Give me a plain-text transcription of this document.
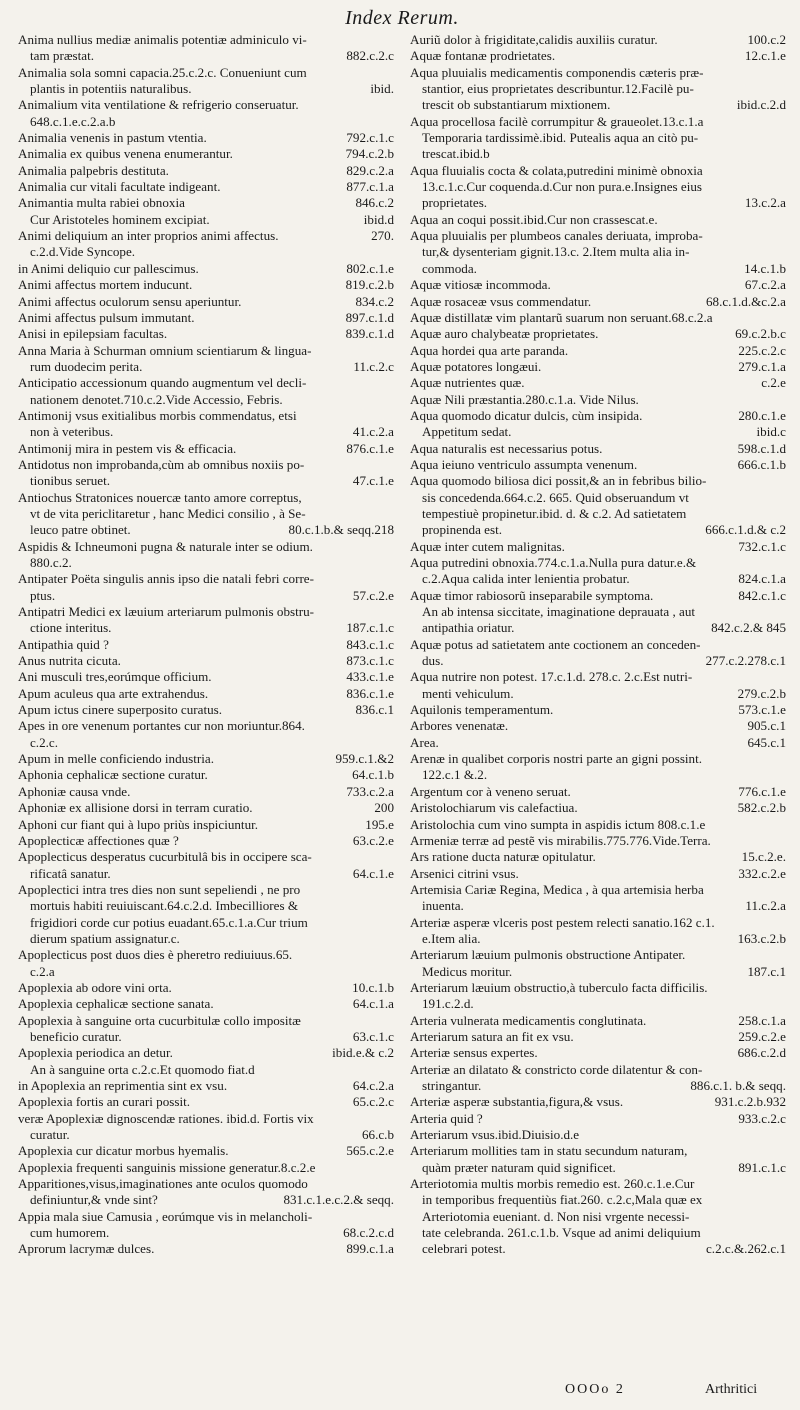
Index Rerum.
Anima nullius mediæ animalis potentiæ adminiculo vi-
tam præstat.	882.c.2.c
Animalia sola somni capacia.25.c.2.c. Conueniunt cum
plantis in potentiis naturalibus.	ibid.
Animalium vita ventilatione & refrigerio conseruatur.
648.c.1.e.c.2.a.b
Animalia venenis in pastum vtentia.	792.c.1.c
Animalia ex quibus venena enumerantur.	794.c.2.b
Animalia palpebris destituta.	829.c.2.a
Animalia cur vitali facultate indigeant.	877.c.1.a
Animantia multa rabiei obnoxia	846.c.2
Cur Aristoteles hominem excipiat.	ibid.d
Animi deliquium an inter proprios animi affectus.	270.
c.2.d.Vide Syncope.
in Animi deliquio cur pallescimus.	802.c.1.e
Animi affectus mortem inducunt.	819.c.2.b
Animi affectus oculorum sensu aperiuntur.	834.c.2
Animi affectus pulsum immutant.	897.c.1.d
Anisi in epilepsiam facultas.	839.c.1.d
Anna Maria à Schurman omnium scientiarum & lingua-
rum duodecim perita.	11.c.2.c
Anticipatio accessionum quando augmentum vel decli-
nationem denotet.710.c.2.Vide Accessio, Febris.
Antimonij vsus exitialibus morbis commendatus, etsi
non à veteribus.	41.c.2.a
Antimonij mira in pestem vis & efficacia.	876.c.1.e
Antidotus non improbanda,cùm ab omnibus noxiis po-
tionibus seruet.	47.c.1.e
Antiochus Stratonices nouercæ tanto amore correptus,
vt de vita periclitaretur , hanc Medici consilio , à Se-
leuco patre obtinet.	80.c.1.b.& seqq.218
Aspidis & Ichneumoni pugna & naturale inter se odium.
880.c.2.
Antipater Poëta singulis annis ipso die natali febri corre-
ptus.	57.c.2.e
Antipatri Medici ex læuium arteriarum pulmonis obstru-
ctione interitus.	187.c.1.c
Antipathia quid ?	843.c.1.c
Anus nutrita cicuta.	873.c.1.c
Ani musculi tres,eorúmque officium.	433.c.1.e
Apum aculeus qua arte extrahendus.	836.c.1.e
Apum ictus cinere superposito curatus.	836.c.1
Apes in ore venenum portantes cur non moriuntur.864.
c.2.c.
Apum in melle conficiendo industria.	959.c.1.&2
Aphonia cephalicæ sectione curatur.	64.c.1.b
Aphoniæ causa vnde.	733.c.2.a
Aphoniæ ex allisione dorsi in terram curatio.	200
Aphoni cur fiant qui à lupo priùs inspiciuntur.	195.e
Apoplecticæ affectiones quæ ?	63.c.2.e
Apoplecticus desperatus cucurbitulâ bis in occipere sca-
rificatâ sanatur.	64.c.1.e
Apoplectici intra tres dies non sunt sepeliendi , ne pro
mortuis habiti reuiuiscant.64.c.2.d. Imbecilliores &
frigidiori corde cur potius euadant.65.c.1.a.Cur trium
dierum spatium assignatur.c.
Apoplecticus post duos dies è pheretro rediuiuus.65.
c.2.a
Apoplexia ab odore vini orta.	10.c.1.b
Apoplexia cephalicæ sectione sanata.	64.c.1.a
Apoplexia à sanguine orta cucurbitulæ collo impositæ
beneficio curatur.	63.c.1.c
Apoplexia periodica an detur.	ibid.e.& c.2
An à sanguine orta c.2.c.Et quomodo fiat.d
in Apoplexia an reprimentia sint ex vsu.	64.c.2.a
Apoplexia fortis an curari possit.	65.c.2.c
veræ Apoplexiæ dignoscendæ rationes. ibid.d. Fortis vix
curatur.	66.c.b
Apoplexia cur dicatur morbus hyemalis.	565.c.2.e
Apoplexia frequenti sanguinis missione generatur.8.c.2.e
Apparitiones,visus,imaginationes ante oculos quomodo
definiuntur,& vnde sint?	831.c.1.e.c.2.& seqq.
Appia mala siue Camusia , eorúmque vis in melancholi-
cum humorem.	68.c.2.c.d
Aprorum lacrymæ dulces.	899.c.1.a
Auriũ dolor à frigiditate,calidis auxiliis curatur.	100.c.2
Aquæ fontanæ prodrietates.	12.c.1.e
Aqua pluuialis medicamentis componendis cæteris præ-
stantior, eius proprietates describuntur.12.Facilè pu-
trescit ob substantiarum mixtionem.	ibid.c.2.d
Aqua procellosa facilè corrumpitur & graueolet.13.c.1.a
Temporaria tardissimè.ibid. Putealis aqua an citò pu-
trescat.ibid.b
Aqua fluuialis cocta & colata,putredini minimè obnoxia
13.c.1.c.Cur coquenda.d.Cur non pura.e.Insignes eius
proprietates.	13.c.2.a
Aqua an coqui possit.ibid.Cur non crassescat.e.
Aqua pluuialis per plumbeos canales deriuata, improba-
tur,& dysenteriam gignit.13.c. 2.Item multa alia in-
commoda.	14.c.1.b
Aquæ vitiosæ incommoda.	67.c.2.a
Aquæ rosaceæ vsus commendatur.	68.c.1.d.&c.2.a
Aquæ distillatæ vim plantarũ suarum non seruant.68.c.2.a
Aquæ auro chalybeatæ proprietates.	69.c.2.b.c
Aqua hordei qua arte paranda.	225.c.2.c
Aquæ potatores longæui.	279.c.1.a
Aquæ nutrientes quæ.	c.2.e
Aquæ Nili præstantia.280.c.1.a. Vide Nilus.
Aqua quomodo dicatur dulcis, cùm insipida.	280.c.1.e
Appetitum sedat.	ibid.c
Aqua naturalis est necessarius potus.	598.c.1.d
Aqua ieiuno ventriculo assumpta venenum.	666.c.1.b
Aqua quomodo biliosa dici possit,& an in febribus bilio-
sis concedenda.664.c.2. 665. Quid obseruandum vt
tempestiuè propinetur.ibid. d. & c.2. Ad satietatem
propinenda est.	666.c.1.d.& c.2
Aquæ inter cutem malignitas.	732.c.1.c
Aqua putredini obnoxia.774.c.1.a.Nulla pura datur.e.&
c.2.Aqua calida inter lenientia probatur.	824.c.1.a
Aquæ timor rabiosorũ inseparabile symptoma.	842.c.1.c
An ab intensa siccitate, imaginatione deprauata , aut
antipathia oriatur.	842.c.2.& 845
Aquæ potus ad satietatem ante coctionem an conceden-
dus.	277.c.2.278.c.1
Aqua nutrire non potest. 17.c.1.d. 278.c. 2.c.Est nutri-
menti vehiculum.	279.c.2.b
Aquilonis temperamentum.	573.c.1.e
Arbores venenatæ.	905.c.1
Area.	645.c.1
Arenæ in qualibet corporis nostri parte an gigni possint.
122.c.1 &.2.
Argentum cor à veneno seruat.	776.c.1.e
Aristolochiarum vis calefactiua.	582.c.2.b
Aristolochia cum vino sumpta in aspidis ictum 808.c.1.e
Armeniæ terræ ad pestẽ vis mirabilis.775.776.Vide.Terra.
Ars ratione ducta naturæ opitulatur.	15.c.2.e.
Arsenici citrini vsus.	332.c.2.e
Artemisia Cariæ Regina, Medica , à qua artemisia herba
inuenta.	11.c.2.a
Arteriæ asperæ vlceris post pestem relecti sanatio.162 c.1.
e.Item alia.	163.c.2.b
Arteriarum læuium pulmonis obstructione Antipater.
Medicus moritur.	187.c.1
Arteriarum læuium obstructio,à tuberculo facta difficilis.
191.c.2.d.
Arteria vulnerata medicamentis conglutinata.	258.c.1.a
Arteriarum satura an fit ex vsu.	259.c.2.e
Arteriæ sensus expertes.	686.c.2.d
Arteriæ an dilatato & constricto corde dilatentur & con-
stringantur.	886.c.1. b.& seqq.
Arteriæ asperæ substantia,figura,& vsus.	931.c.2.b.932
Arteria quid ?	933.c.2.c
Arteriarum vsus.ibid.Diuisio.d.e
Arteriarum mollities tam in statu secundum naturam,
quàm præter naturam quid significet.	891.c.1.c
Arteriotomia multis morbis remedio est. 260.c.1.e.Cur
in temporibus frequentiùs fiat.260. c.2.c,Mala quæ ex
Arteriotomia eueniant. d. Non nisi vrgente necessi-
tate celebranda. 261.c.1.b. Vsque ad animi deliquium
celebrari potest.	c.2.c.&.262.c.1
OOOo 2	Arthritici
